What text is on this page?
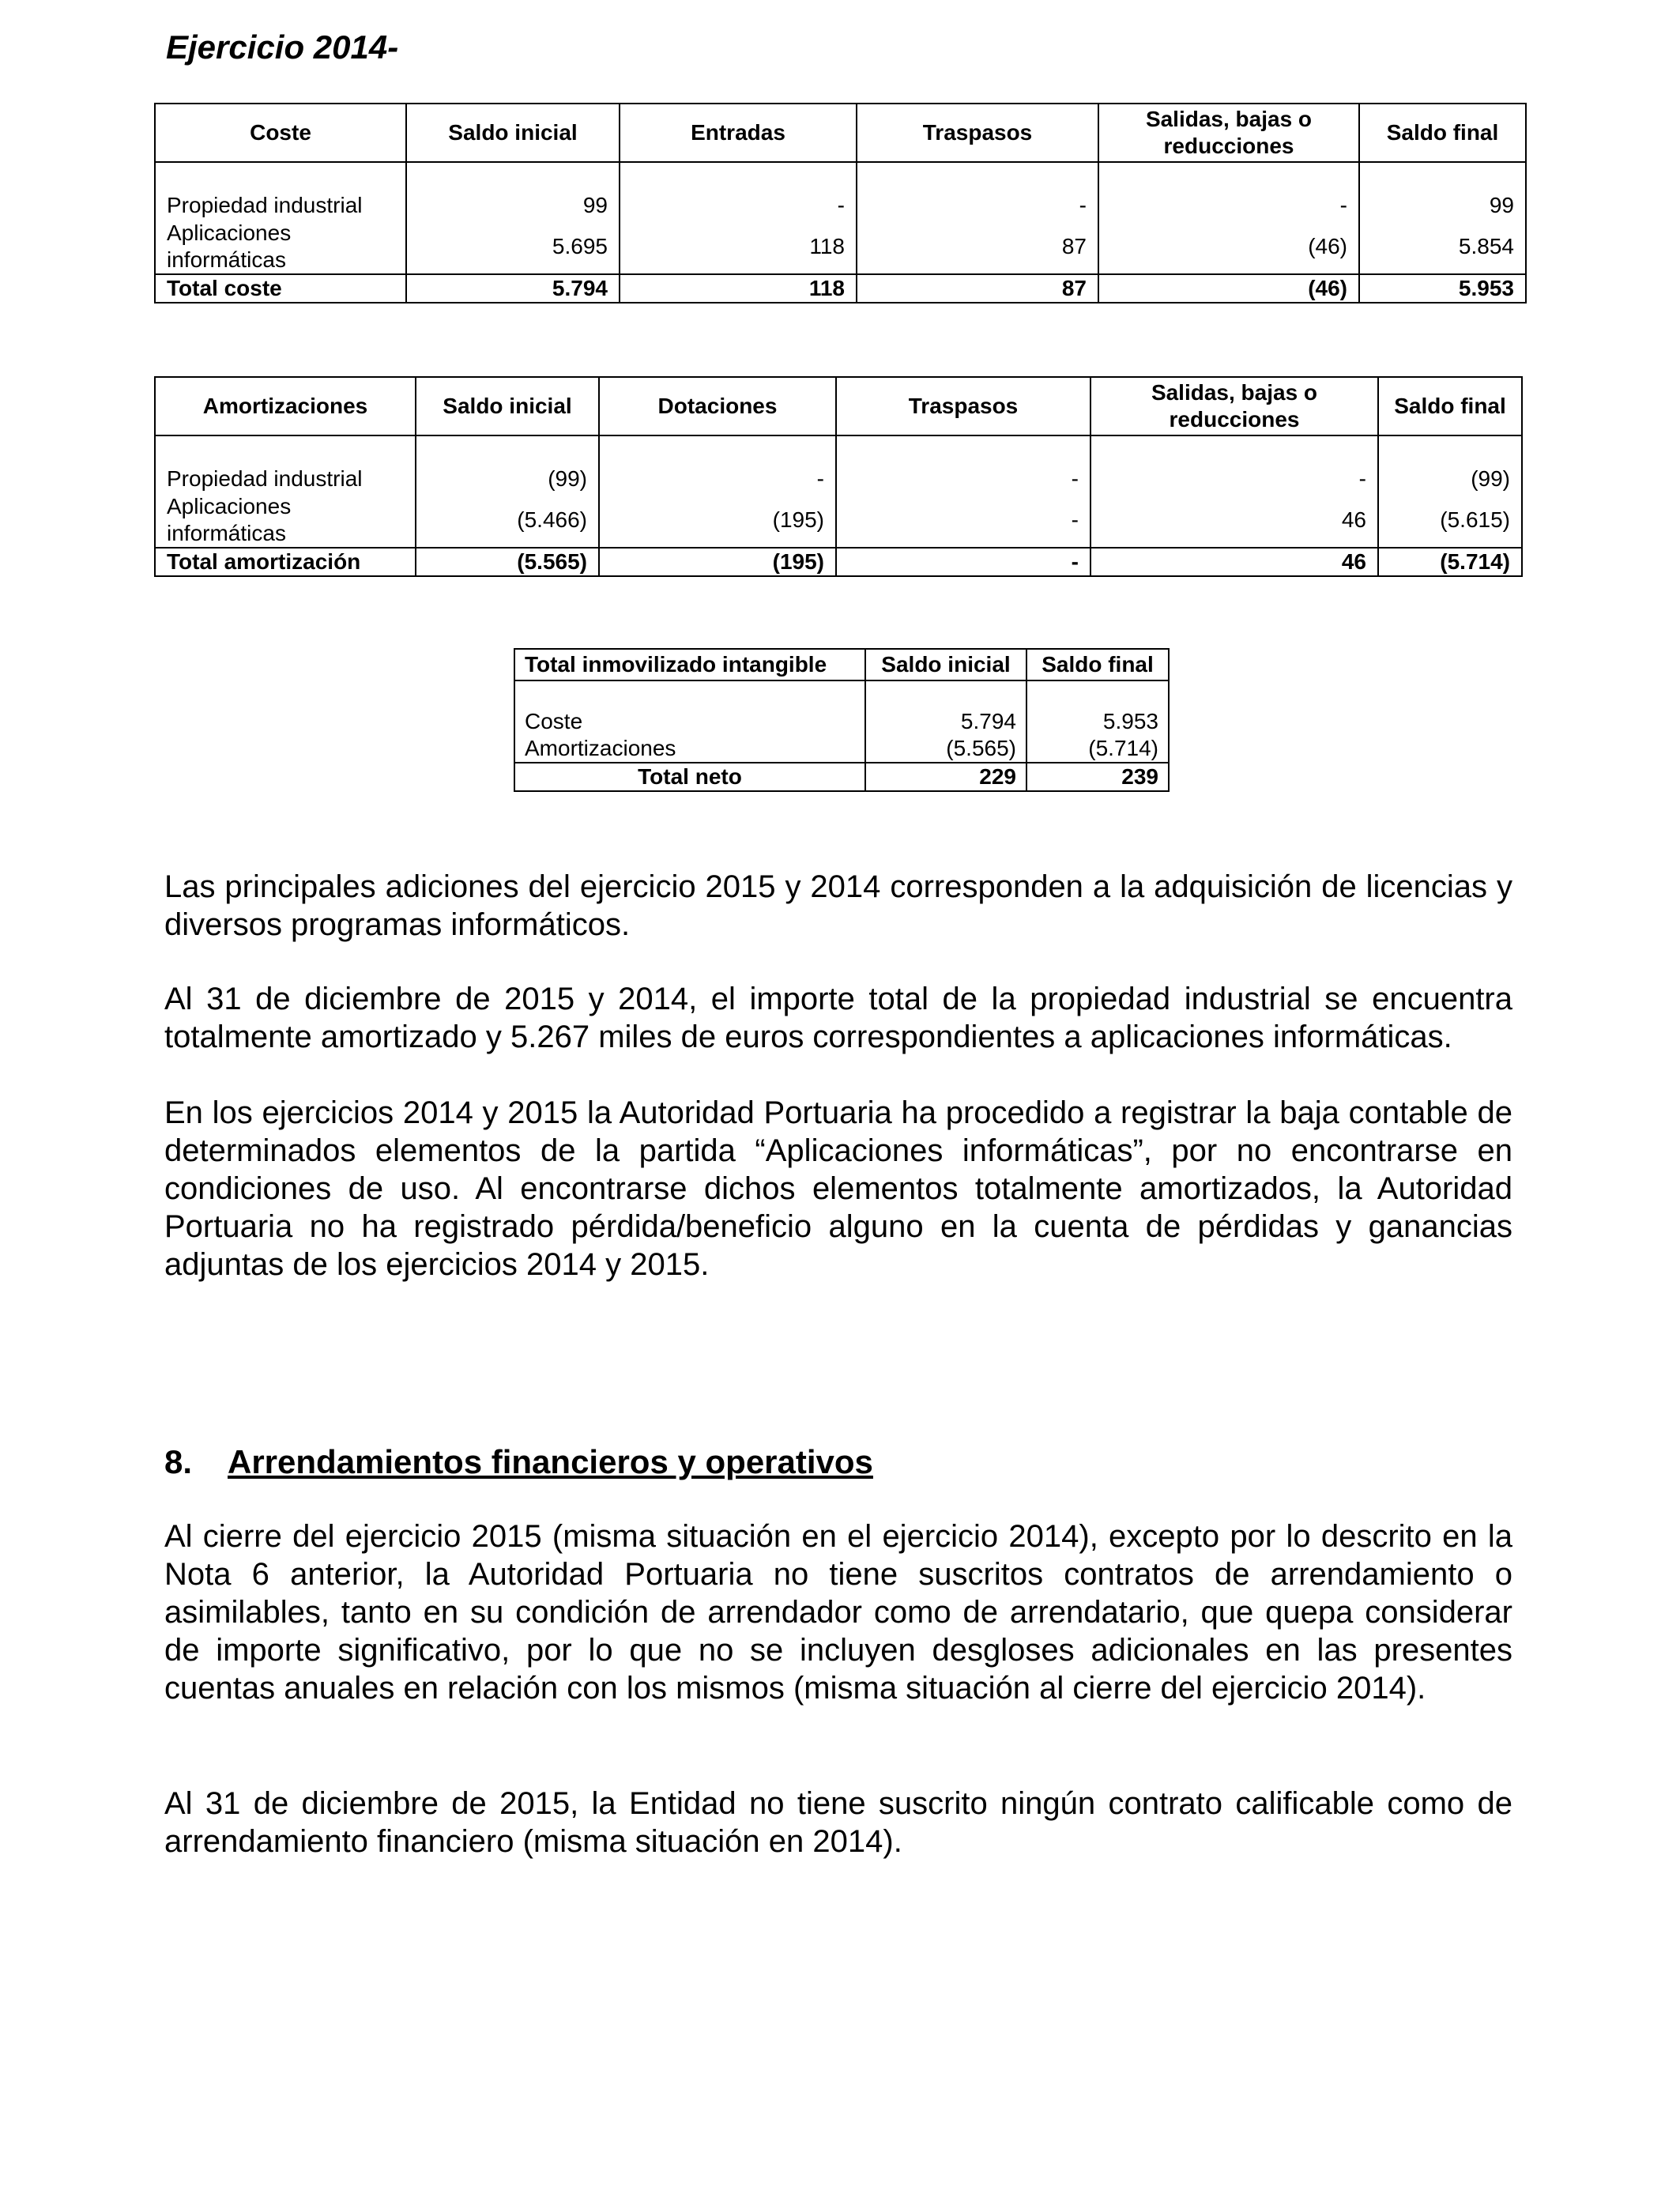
Ejercicio 2014-
Coste	Saldo inicial	Entradas	Traspasos	Salidas, bajas o reducciones	Saldo final

Propiedad industrial	99	-	-	-	99
Aplicaciones informáticas	5.695	118	87	(46)	5.854
Total coste	5.794	118	87	(46)	5.953
Amortizaciones	Saldo inicial	Dotaciones	Traspasos	Salidas, bajas o reducciones	Saldo final

Propiedad industrial	(99)	-	-	-	(99)
Aplicaciones informáticas	(5.466)	(195)	-	46	(5.615)
Total amortización	(5.565)	(195)	-	46	(5.714)
Total inmovilizado intangible	Saldo inicial	Saldo final

Coste	5.794	5.953
Amortizaciones	(5.565)	(5.714)
Total neto	229	239

Las principales adiciones del ejercicio 2015 y 2014 corresponden a la adquisición de licencias y diversos programas informáticos.

Al 31 de diciembre de 2015 y 2014, el importe total de la propiedad industrial se encuentra totalmente amortizado y 5.267 miles de euros correspondientes a aplicaciones informáticas.

En los ejercicios 2014 y 2015 la Autoridad Portuaria ha procedido a registrar la baja contable de determinados elementos de la partida “Aplicaciones informáticas”, por no encontrarse en condiciones de uso. Al encontrarse dichos elementos totalmente amortizados, la Autoridad Portuaria no ha registrado pérdida/beneficio alguno en la cuenta de pérdidas y ganancias adjuntas de los ejercicios 2014 y 2015.

8. Arrendamientos financieros y operativos

Al cierre del ejercicio 2015 (misma situación en el ejercicio 2014), excepto por lo descrito en la Nota 6 anterior, la Autoridad Portuaria no tiene suscritos contratos de arrendamiento o asimilables, tanto en su condición de arrendador como de arrendatario, que quepa considerar de importe significativo, por lo que no se incluyen desgloses adicionales en las presentes cuentas anuales en relación con los mismos (misma situación al cierre del ejercicio 2014).

Al 31 de diciembre de 2015, la Entidad no tiene suscrito ningún contrato calificable como de arrendamiento financiero (misma situación en 2014).
